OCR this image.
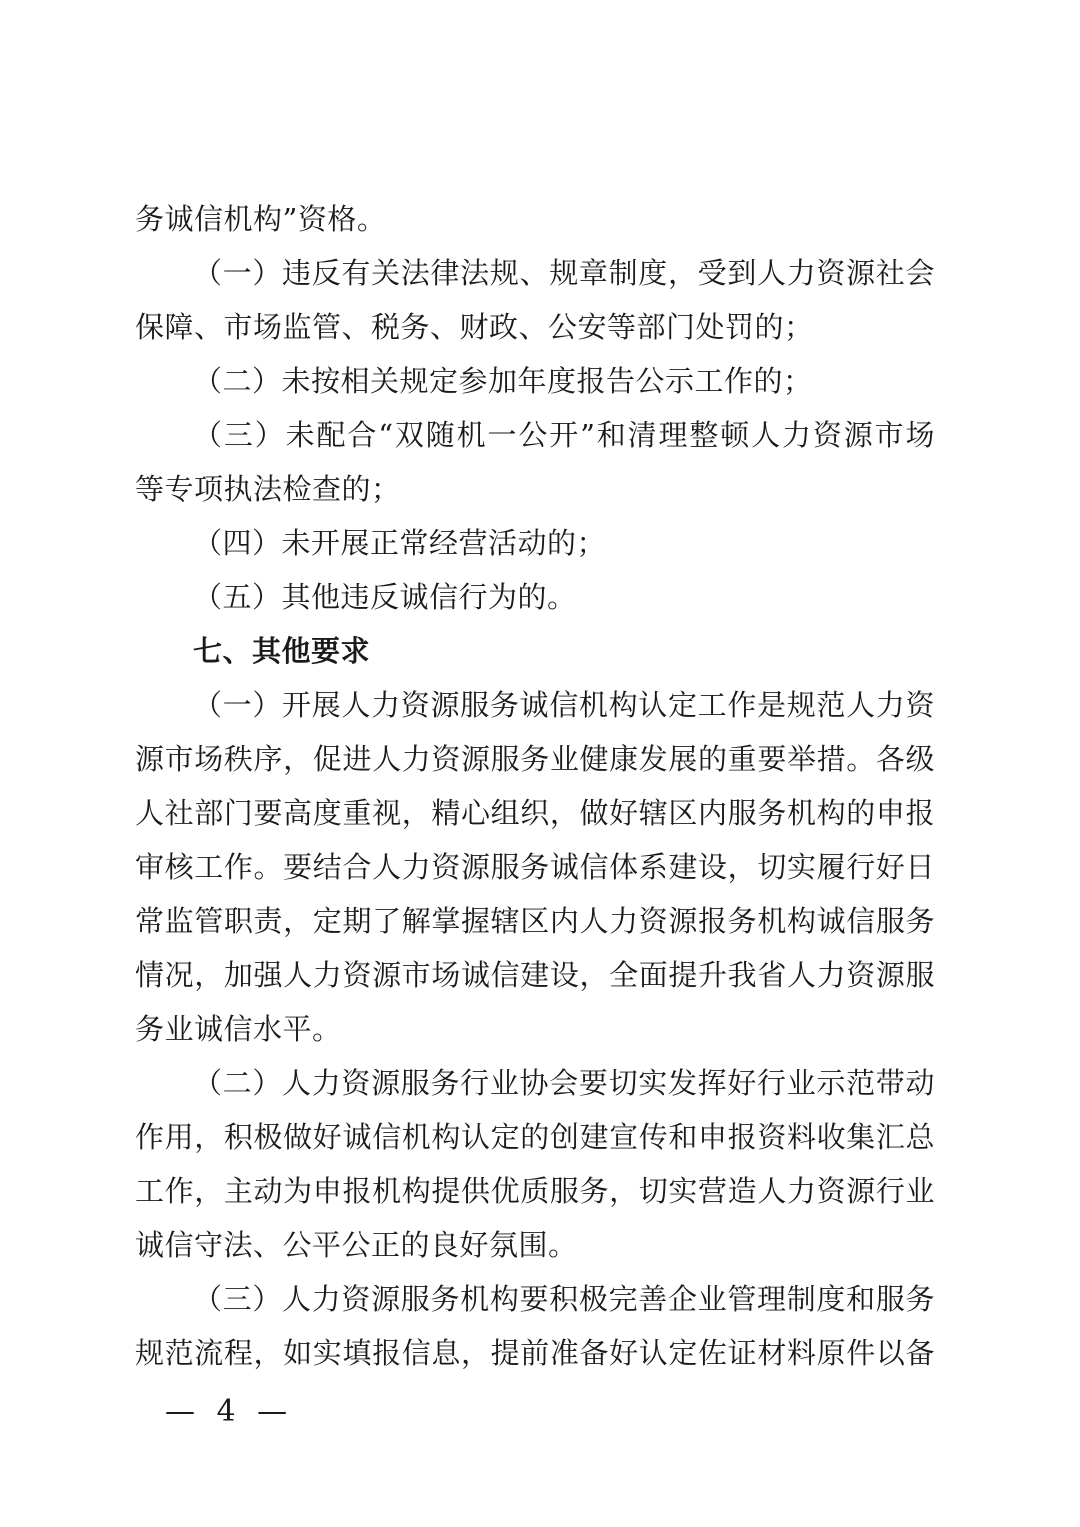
务诚信机构”资格。
（一）违反有关法律法规、规章制度，受到人力资源社会
保障、市场监管、税务、财政、公安等部门处罚的；
（二）未按相关规定参加年度报告公示工作的；
（三）未配合“双随机一公开”和清理整顿人力资源市场
等专项执法检查的；
（四）未开展正常经营活动的；
（五）其他违反诚信行为的。
七、其他要求
（一）开展人力资源服务诚信机构认定工作是规范人力资
源市场秩序，促进人力资源服务业健康发展的重要举措。各级
人社部门要高度重视，精心组织，做好辖区内服务机构的申报
审核工作。要结合人力资源服务诚信体系建设，切实履行好日
常监管职责，定期了解掌握辖区内人力资源报务机构诚信服务
情况，加强人力资源市场诚信建设，全面提升我省人力资源服
务业诚信水平。
（二）人力资源服务行业协会要切实发挥好行业示范带动
作用，积极做好诚信机构认定的创建宣传和申报资料收集汇总
工作，主动为申报机构提供优质服务，切实营造人力资源行业
诚信守法、公平公正的良好氛围。
（三）人力资源服务机构要积极完善企业管理制度和服务
规范流程，如实填报信息，提前准备好认定佐证材料原件以备
— 4 —
